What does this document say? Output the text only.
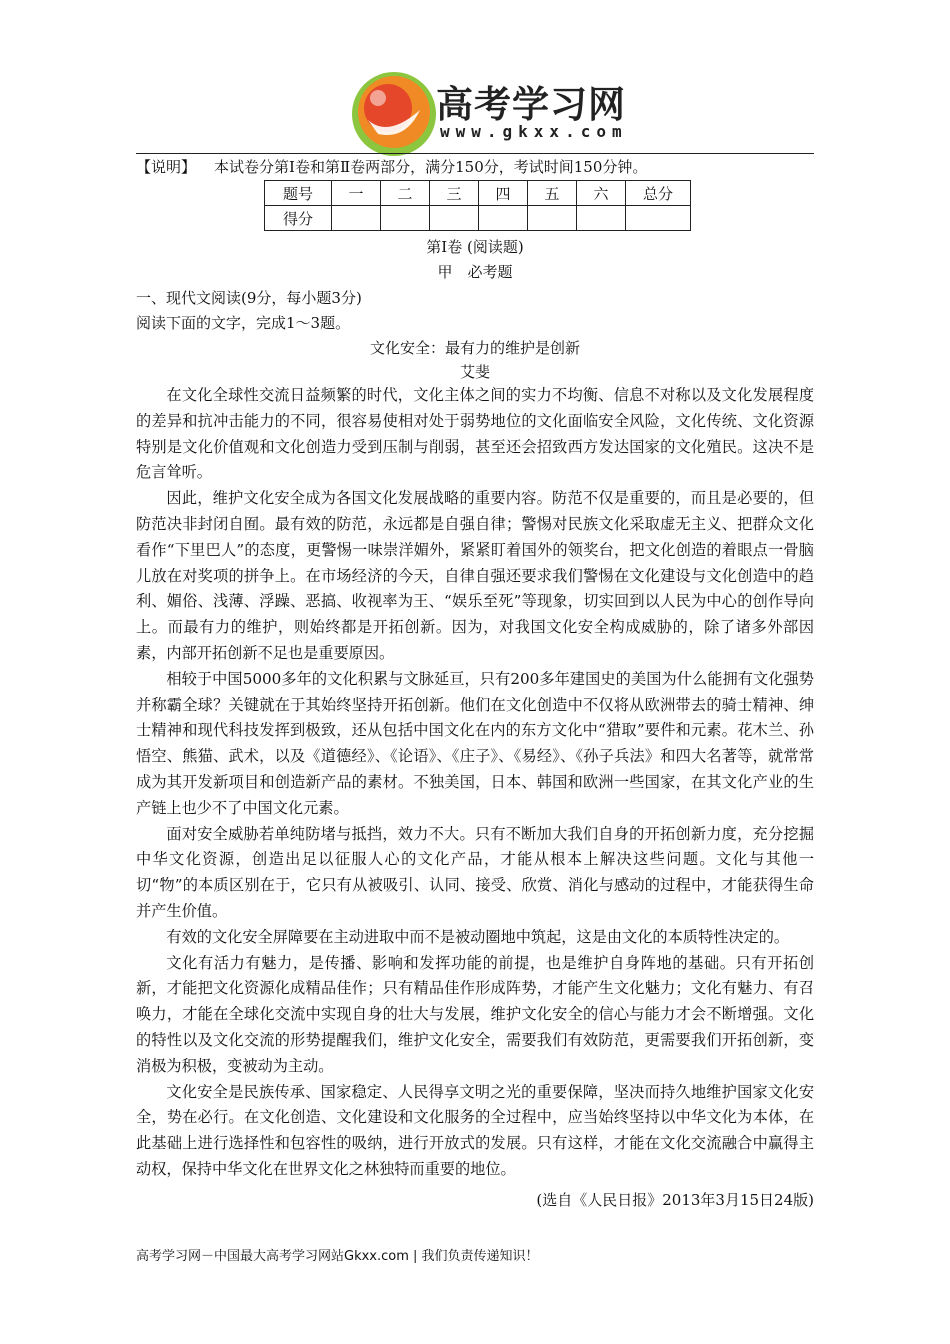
高考学习网
www.gkxx.com
【说明】 本试卷分第Ⅰ卷和第Ⅱ卷两部分，满分150分，考试时间150分钟。
题号	一	二	三	四	五	六	总分
得分							
第Ⅰ卷 (阅读题)
甲　必考题
一、现代文阅读(9分，每小题3分)
阅读下面的文字，完成1～3题。
文化安全：最有力的维护是创新
艾斐

在文化全球性交流日益频繁的时代，文化主体之间的实力不均衡、信息不对称以及文化发展程度的差异和抗冲击能力的不同，很容易使相对处于弱势地位的文化面临安全风险，文化传统、文化资源特别是文化价值观和文化创造力受到压制与削弱，甚至还会招致西方发达国家的文化殖民。这决不是危言耸听。

因此，维护文化安全成为各国文化发展战略的重要内容。防范不仅是重要的，而且是必要的，但防范决非封闭自囿。最有效的防范，永远都是自强自律；警惕对民族文化采取虚无主义、把群众文化看作“下里巴人”的态度，更警惕一味崇洋媚外，紧紧盯着国外的领奖台，把文化创造的着眼点一骨脑儿放在对奖项的拼争上。在市场经济的今天，自律自强还要求我们警惕在文化建设与文化创造中的趋利、媚俗、浅薄、浮躁、恶搞、收视率为王、“娱乐至死”等现象，切实回到以人民为中心的创作导向上。而最有力的维护，则始终都是开拓创新。因为，对我国文化安全构成威胁的，除了诸多外部因素，内部开拓创新不足也是重要原因。

相较于中国5000多年的文化积累与文脉延亘，只有200多年建国史的美国为什么能拥有文化强势并称霸全球？关键就在于其始终坚持开拓创新。他们在文化创造中不仅将从欧洲带去的骑士精神、绅士精神和现代科技发挥到极致，还从包括中国文化在内的东方文化中“猎取”要件和元素。花木兰、孙悟空、熊猫、武术，以及《道德经》、《论语》、《庄子》、《易经》、《孙子兵法》和四大名著等，就常常成为其开发新项目和创造新产品的素材。不独美国，日本、韩国和欧洲一些国家，在其文化产业的生产链上也少不了中国文化元素。

面对安全威胁若单纯防堵与抵挡，效力不大。只有不断加大我们自身的开拓创新力度，充分挖掘中华文化资源，创造出足以征服人心的文化产品，才能从根本上解决这些问题。文化与其他一切“物”的本质区别在于，它只有从被吸引、认同、接受、欣赏、消化与感动的过程中，才能获得生命并产生价值。

有效的文化安全屏障要在主动进取中而不是被动圈地中筑起，这是由文化的本质特性决定的。

文化有活力有魅力，是传播、影响和发挥功能的前提，也是维护自身阵地的基础。只有开拓创新，才能把文化资源化成精品佳作；只有精品佳作形成阵势，才能产生文化魅力；文化有魅力、有召唤力，才能在全球化交流中实现自身的壮大与发展，维护文化安全的信心与能力才会不断增强。文化的特性以及文化交流的形势提醒我们，维护文化安全，需要我们有效防范，更需要我们开拓创新，变消极为积极，变被动为主动。

文化安全是民族传承、国家稳定、人民得享文明之光的重要保障，坚决而持久地维护国家文化安全，势在必行。在文化创造、文化建设和文化服务的全过程中，应当始终坚持以中华文化为本体，在此基础上进行选择性和包容性的吸纳，进行开放式的发展。只有这样，才能在文化交流融合中赢得主动权，保持中华文化在世界文化之林独特而重要的地位。

(选自《人民日报》2013年3月15日24版)
高考学习网－中国最大高考学习网站Gkxx.com | 我们负责传递知识！
